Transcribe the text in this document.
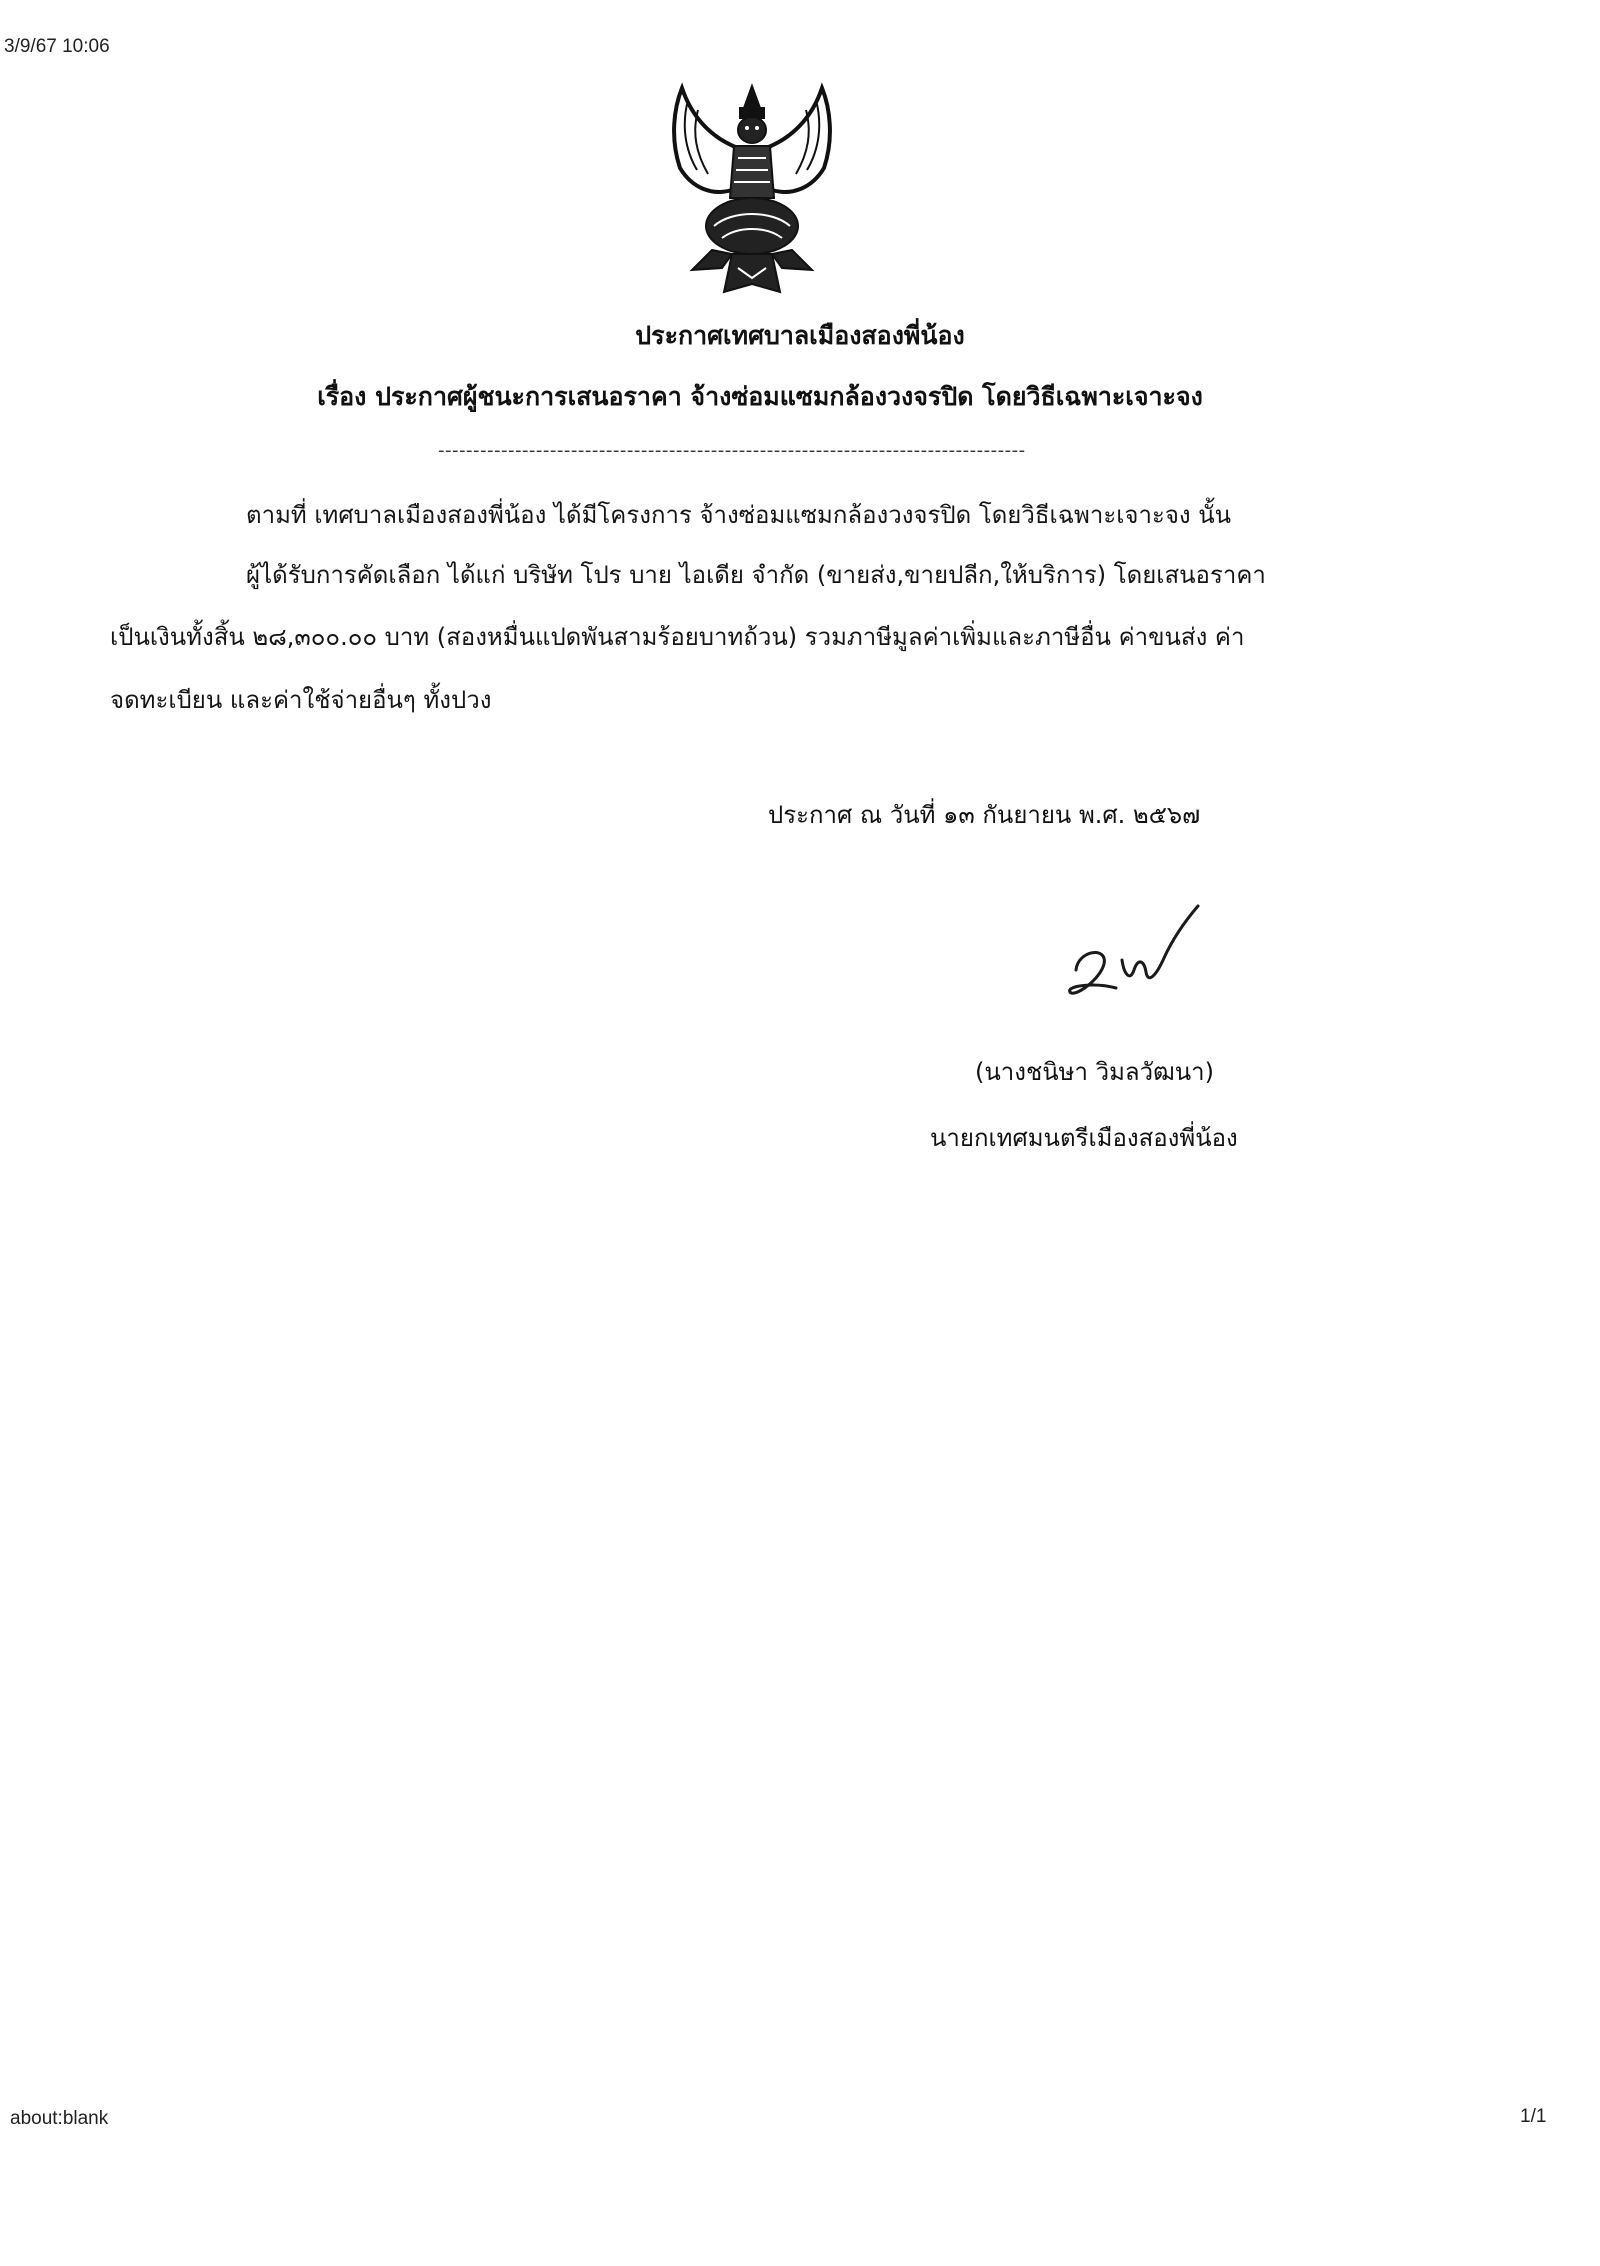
3/9/67 10:06
ประกาศเทศบาลเมืองสองพี่น้อง
เรื่อง ประกาศผู้ชนะการเสนอราคา จ้างซ่อมแซมกล้องวงจรปิด โดยวิธีเฉพาะเจาะจง
------------------------------------------------------------------------------------
ตามที่ เทศบาลเมืองสองพี่น้อง ได้มีโครงการ จ้างซ่อมแซมกล้องวงจรปิด โดยวิธีเฉพาะเจาะจง นั้น
ผู้ได้รับการคัดเลือก ได้แก่ บริษัท โปร บาย ไอเดีย จำกัด (ขายส่ง,ขายปลีก,ให้บริการ) โดยเสนอราคา
เป็นเงินทั้งสิ้น ๒๘,๓๐๐.๐๐ บาท (สองหมื่นแปดพันสามร้อยบาทถ้วน) รวมภาษีมูลค่าเพิ่มและภาษีอื่น ค่าขนส่ง ค่า
จดทะเบียน และค่าใช้จ่ายอื่นๆ ทั้งปวง
ประกาศ ณ วันที่ ๑๓ กันยายน พ.ศ. ๒๕๖๗
(นางชนิษา วิมลวัฒนา)
นายกเทศมนตรีเมืองสองพี่น้อง
about:blank	1/1
